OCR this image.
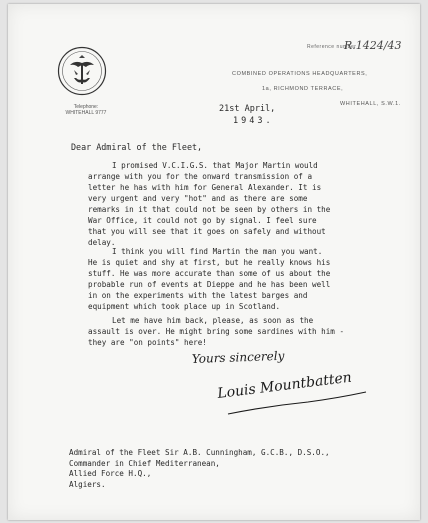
Telephone:
WHITEHALL 9777
Reference number
R.1424/43
COMBINED OPERATIONS HEADQUARTERS,
1a, RICHMOND TERRACE,
WHITEHALL, S.W.1.
21st April,
1943.
Dear Admiral of the Fleet,

I promised V.C.I.G.S. that Major Martin would

arrange with you for the onward transmission of a

letter he has with him for General Alexander. It is

very urgent and very "hot" and as there are some

remarks in it that could not be seen by others in the

War Office, it could not go by signal. I feel sure

that you will see that it goes on safely and without

delay.

I think you will find Martin the man you want.

He is quiet and shy at first, but he really knows his

stuff. He was more accurate than some of us about the

probable run of events at Dieppe and he has been well

in on the experiments with the latest barges and

equipment which took place up in Scotland.

Let me have him back, please, as soon as the

assault is over. He might bring some sardines with him -

they are "on points" here!

Yours sincerely
Louis Mountbatten

Admiral of the Fleet Sir A.B. Cunningham, G.C.B., D.S.O.,

Commander in Chief Mediterranean,

Allied Force H.Q.,

Algiers.
